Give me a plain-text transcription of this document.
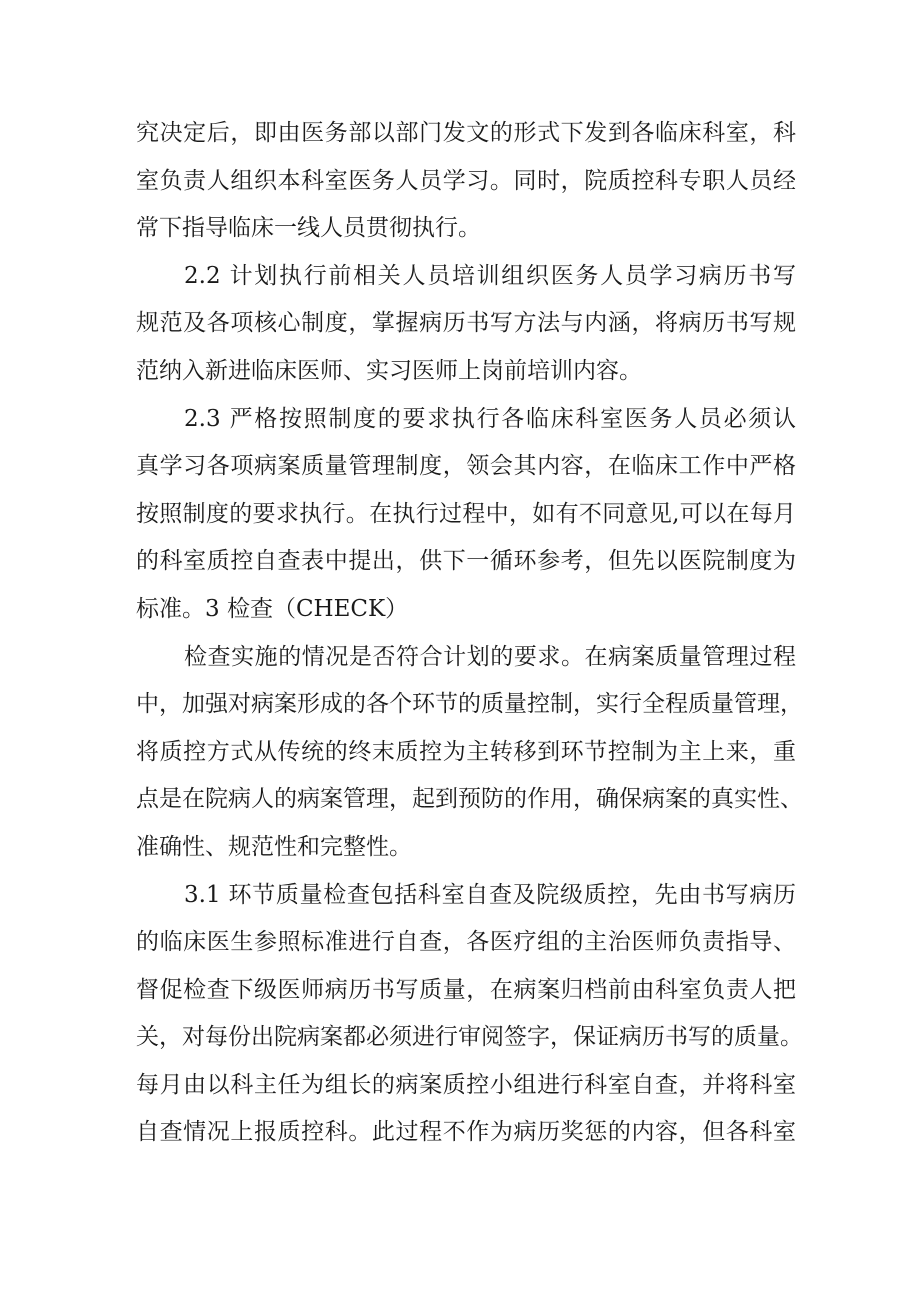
究决定后，即由医务部以部门发文的形式下发到各临床科室，科
室负责人组织本科室医务人员学习。同时，院质控科专职人员经
常下指导临床一线人员贯彻执行。
2.2 计划执行前相关人员培训组织医务人员学习病历书写
规范及各项核心制度，掌握病历书写方法与内涵，将病历书写规
范纳入新进临床医师、实习医师上岗前培训内容。
2.3 严格按照制度的要求执行各临床科室医务人员必须认
真学习各项病案质量管理制度，领会其内容，在临床工作中严格
按照制度的要求执行。在执行过程中，如有不同意见,可以在每月
的科室质控自查表中提出，供下一循环参考，但先以医院制度为
标准。3 检查（CHECK）
检查实施的情况是否符合计划的要求。在病案质量管理过程
中，加强对病案形成的各个环节的质量控制，实行全程质量管理，
将质控方式从传统的终末质控为主转移到环节控制为主上来，重
点是在院病人的病案管理，起到预防的作用，确保病案的真实性、
准确性、规范性和完整性。
3.1 环节质量检查包括科室自查及院级质控，先由书写病历
的临床医生参照标准进行自查，各医疗组的主治医师负责指导、
督促检查下级医师病历书写质量，在病案归档前由科室负责人把
关，对每份出院病案都必须进行审阅签字，保证病历书写的质量。
每月由以科主任为组长的病案质控小组进行科室自查，并将科室
自查情况上报质控科。此过程不作为病历奖惩的内容，但各科室
